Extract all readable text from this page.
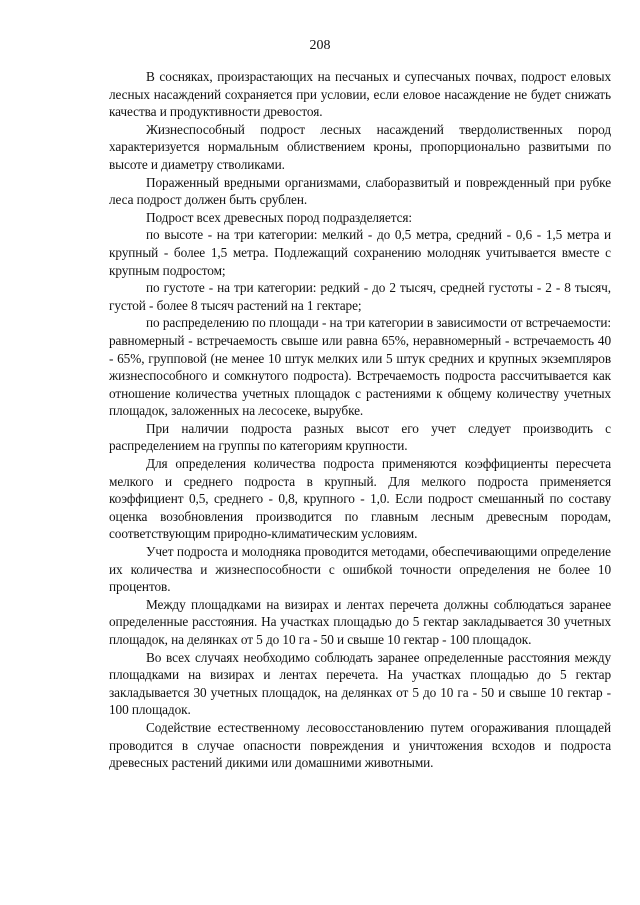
208

В сосняках, произрастающих на песчаных и супесчаных почвах, подрост еловых лесных насаждений сохраняется при условии, если еловое насаждение не будет снижать качества и продуктивности древостоя.

Жизнеспособный подрост лесных насаждений твердолиственных пород характеризуется нормальным облиствением кроны, пропорционально развитыми по высоте и диаметру стволиками.

Пораженный вредными организмами, слаборазвитый и поврежденный при рубке леса подрост должен быть срублен.

Подрост всех древесных пород подразделяется:

по высоте - на три категории: мелкий - до 0,5 метра, средний - 0,6 - 1,5 метра и крупный - более 1,5 метра. Подлежащий сохранению молодняк учитывается вместе с крупным подростом;

по густоте - на три категории: редкий - до 2 тысяч, средней густоты - 2 - 8 тысяч, густой - более 8 тысяч растений на 1 гектаре;

по распределению по площади - на три категории в зависимости от встречаемости: равномерный - встречаемость свыше или равна 65%, неравномерный - встречаемость 40 - 65%, групповой (не менее 10 штук мелких или 5 штук средних и крупных экземпляров жизнеспособного и сомкнутого подроста). Встречаемость подроста рассчитывается как отношение количества учетных площадок с растениями к общему количеству учетных площадок, заложенных на лесосеке, вырубке.

При наличии подроста разных высот его учет следует производить с распределением на группы по категориям крупности.

Для определения количества подроста применяются коэффициенты пересчета мелкого и среднего подроста в крупный. Для мелкого подроста применяется коэффициент 0,5, среднего - 0,8, крупного - 1,0. Если подрост смешанный по составу оценка возобновления производится по главным лесным древесным породам, соответствующим природно-климатическим условиям.

Учет подроста и молодняка проводится методами, обеспечивающими определение их количества и жизнеспособности с ошибкой точности определения не более 10 процентов.

Между площадками на визирах и лентах перечета должны соблюдаться заранее определенные расстояния. На участках площадью до 5 гектар закладывается 30 учетных площадок, на делянках от 5 до 10 га - 50 и свыше 10 гектар - 100 площадок.

Во всех случаях необходимо соблюдать заранее определенные расстояния между площадками на визирах и лентах перечета. На участках площадью до 5 гектар закладывается 30 учетных площадок, на делянках от 5 до 10 га - 50 и свыше 10 гектар - 100 площадок.

Содействие естественному лесовосстановлению путем огораживания площадей проводится в случае опасности повреждения и уничтожения всходов и подроста древесных растений дикими или домашними животными.
